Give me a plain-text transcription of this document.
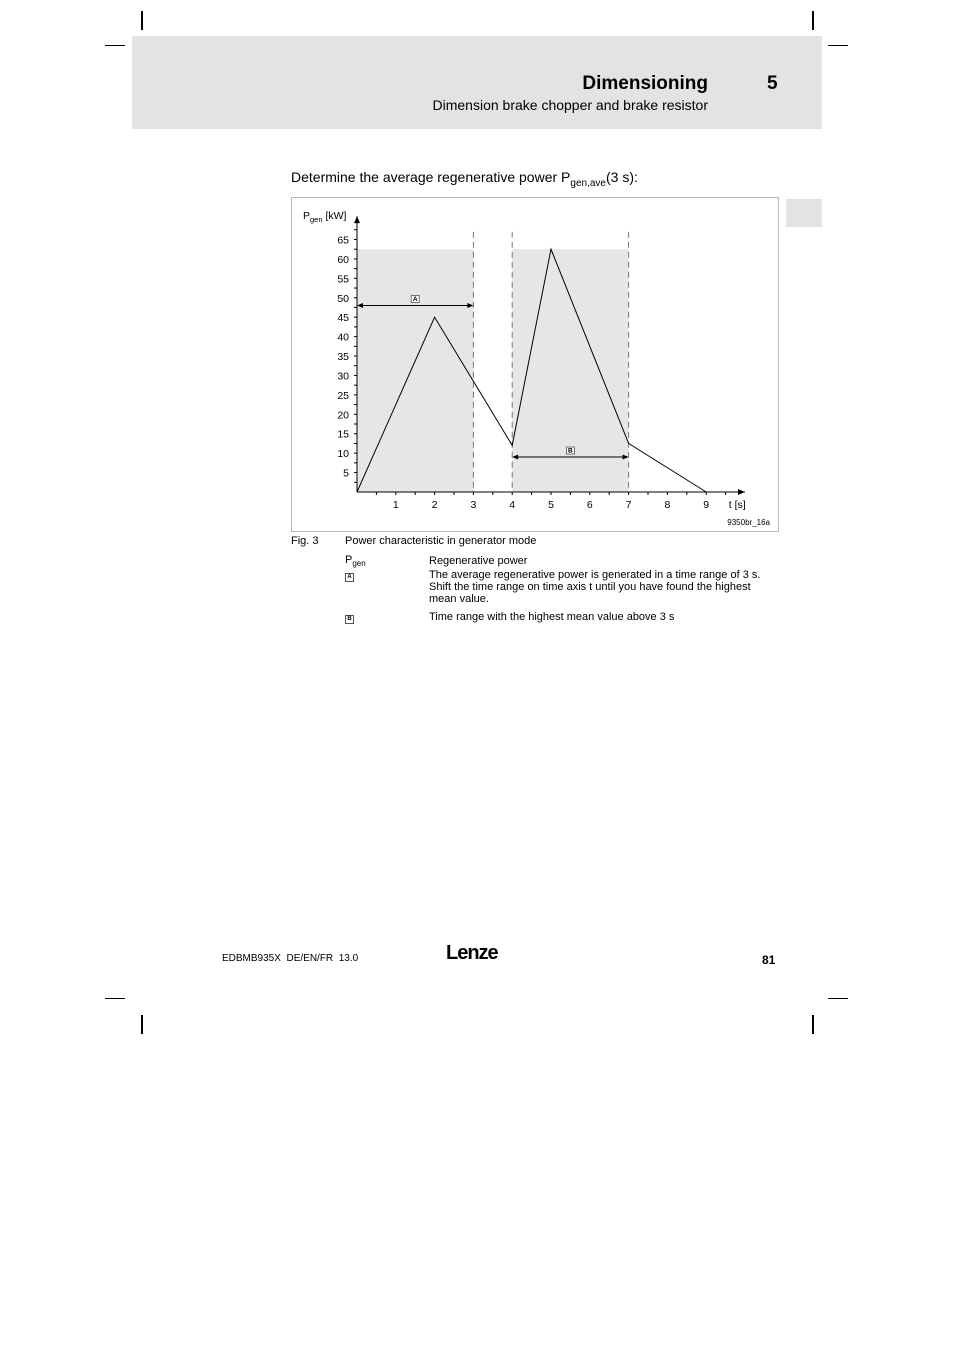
Dimensioning	5
Dimension brake chopper and brake resistor
Determine the average regenerative power $P_{gen,ave}(3$ s):
5
10
15
20
25
30
35
40
45
50
55
60
65
1	2	3	4	5	6	7	8	9
$P_{gen}$ [kW]
t [s]
A
B
9350br_16a
Fig. 3 Power characteristic in generator mode
$P_{gen}$	Regenerative power
A	The average regenerative power is generated in a time range of 3 s. Shift the time range on time axis t until you have found the highest mean value.
B	Time range with the highest mean value above 3 s
EDBMB935X  DE/EN/FR  13.0	Lenze	81
